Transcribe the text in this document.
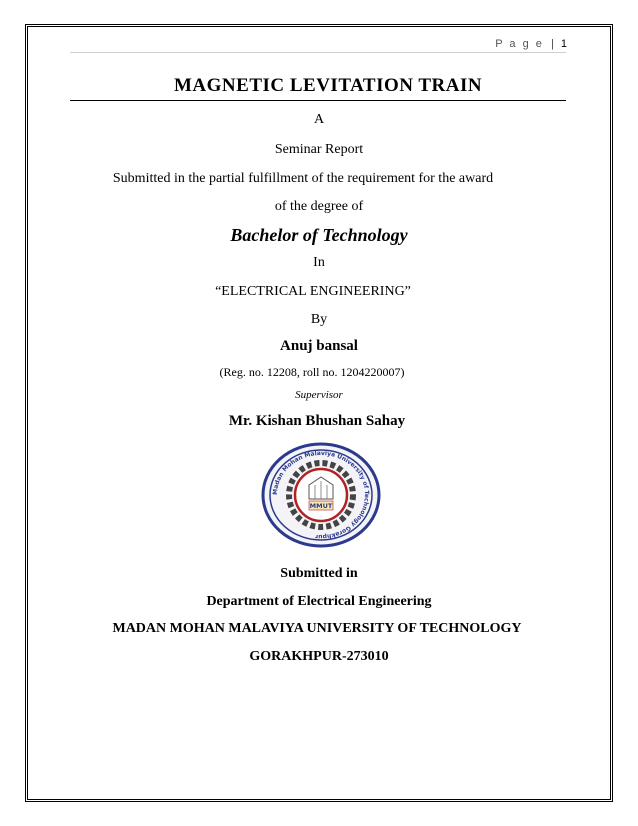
P a g e | 1
MAGNETIC LEVITATION TRAIN
A
Seminar Report
Submitted in the partial fulfillment of the requirement for the award
of the degree of
Bachelor of Technology
In
“ELECTRICAL ENGINEERING”
By
Anuj bansal
(Reg. no. 12208, roll no. 1204220007)
Supervisor
Mr. Kishan Bhushan Sahay
Madan Mohan Malaviya University of Technology Gorakhpur
MMUT
Submitted in
Department of Electrical Engineering
MADAN MOHAN MALAVIYA UNIVERSITY OF TECHNOLOGY
GORAKHPUR-273010
